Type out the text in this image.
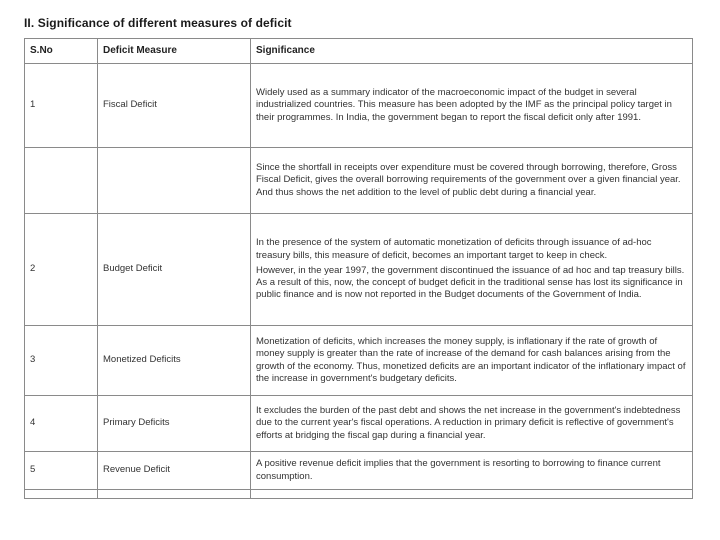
II. Significance of different measures of deficit
S.No	Deficit Measure	Significance
1	Fiscal Deficit	Widely used as a summary indicator of the macroeconomic impact of the budget in several industrialized countries. This measure has been adopted by the IMF as the principal policy target in their programmes. In India, the government began to report the fiscal deficit only after 1991.

		Since the shortfall in receipts over expenditure must be covered through borrowing, therefore, Gross Fiscal Deficit, gives the overall borrowing requirements of the government over a given financial year. And thus shows the net addition to the level of public debt during a financial year.

2	Budget Deficit	In the presence of the system of automatic monetization of deficits through issuance of ad-hoc treasury bills, this measure of deficit, becomes an important target to keep in check.
However, in the year 1997, the government discontinued the issuance of ad hoc and tap treasury bills. As a result of this, now, the concept of budget deficit in the traditional sense has lost its significance in public finance and is now not reported in the Budget documents of the Government of India.

3	Monetized Deficits	Monetization of deficits, which increases the money supply, is inflationary if the rate of growth of money supply is greater than the rate of increase of the demand for cash balances arising from the growth of the economy. Thus, monetized deficits are an important indicator of the inflationary impact of the increase in government's budgetary deficits.

4	Primary Deficits	It excludes the burden of the past debt and shows the net increase in the government's indebtedness due to the current year's fiscal operations. A reduction in primary deficit is reflective of government's efforts at bridging the fiscal gap during a financial year.

5	Revenue Deficit	A positive revenue deficit implies that the government is resorting to borrowing to finance current consumption.
